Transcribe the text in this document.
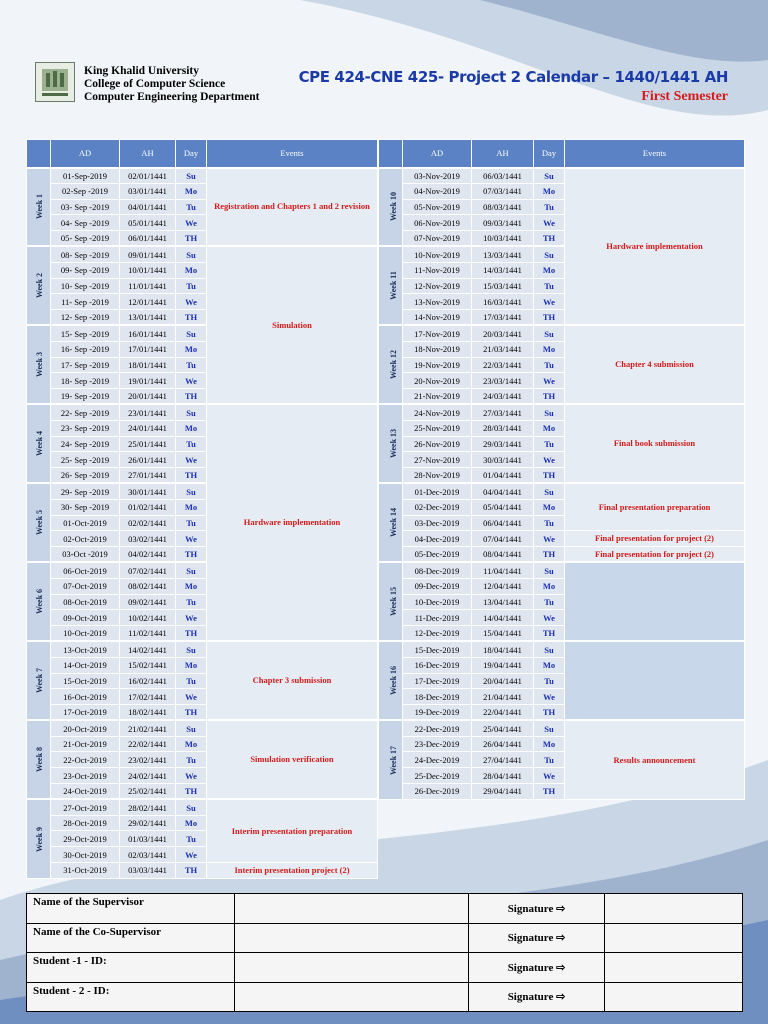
King Khalid University
College of Computer Science
Computer Engineering Department
CPE 424-CNE 425- Project 2 Calendar – 1440/1441 AH
First Semester
	AD	AH	Day	Events
Week 1	01-Sep-2019	02/01/1441	Su	Registration and Chapters 1 and 2 revision
	02-Sep -2019	03/01/1441	Mo	
	03- Sep -2019	04/01/1441	Tu	
	04- Sep -2019	05/01/1441	We	
	05- Sep -2019	06/01/1441	TH	
Week 2	08- Sep -2019	09/01/1441	Su	Simulation
	09- Sep -2019	10/01/1441	Mo	
	10- Sep -2019	11/01/1441	Tu	
	11- Sep -2019	12/01/1441	We	
	12- Sep -2019	13/01/1441	TH	
Week 3	15- Sep -2019	16/01/1441	Su	
	16- Sep -2019	17/01/1441	Mo	
	17- Sep -2019	18/01/1441	Tu	
	18- Sep -2019	19/01/1441	We	
	19- Sep -2019	20/01/1441	TH	
Week 4	22- Sep -2019	23/01/1441	Su	Hardware implementation
	23- Sep -2019	24/01/1441	Mo	
	24- Sep -2019	25/01/1441	Tu	
	25- Sep -2019	26/01/1441	We	
	26- Sep -2019	27/01/1441	TH	
Week 5	29- Sep -2019	30/01/1441	Su	
	30- Sep -2019	01/02/1441	Mo	
	01-Oct-2019	02/02/1441	Tu	
	02-Oct-2019	03/02/1441	We	
	03-Oct -2019	04/02/1441	TH	
Week 6	06-Oct-2019	07/02/1441	Su	
	07-Oct-2019	08/02/1441	Mo	
	08-Oct-2019	09/02/1441	Tu	
	09-Oct-2019	10/02/1441	We	
	10-Oct-2019	11/02/1441	TH	
Week 7	13-Oct-2019	14/02/1441	Su	Chapter 3 submission
	14-Oct-2019	15/02/1441	Mo	
	15-Oct-2019	16/02/1441	Tu	
	16-Oct-2019	17/02/1441	We	
	17-Oct-2019	18/02/1441	TH	
Week 8	20-Oct-2019	21/02/1441	Su	Simulation verification
	21-Oct-2019	22/02/1441	Mo	
	22-Oct-2019	23/02/1441	Tu	
	23-Oct-2019	24/02/1441	We	
	24-Oct-2019	25/02/1441	TH	
Week 9	27-Oct-2019	28/02/1441	Su	Interim presentation preparation
	28-Oct-2019	29/02/1441	Mo	
	29-Oct-2019	01/03/1441	Tu	
	30-Oct-2019	02/03/1441	We	
	31-Oct-2019	03/03/1441	TH	Interim presentation project (2)
	AD	AH	Day	Events
Week 10	03-Nov-2019	06/03/1441	Su	Hardware implementation
	04-Nov-2019	07/03/1441	Mo	
	05-Nov-2019	08/03/1441	Tu	
	06-Nov-2019	09/03/1441	We	
	07-Nov-2019	10/03/1441	TH	
Week 11	10-Nov-2019	13/03/1441	Su	
	11-Nov-2019	14/03/1441	Mo	
	12-Nov-2019	15/03/1441	Tu	
	13-Nov-2019	16/03/1441	We	
	14-Nov-2019	17/03/1441	TH	
Week 12	17-Nov-2019	20/03/1441	Su	Chapter 4 submission
	18-Nov-2019	21/03/1441	Mo	
	19-Nov-2019	22/03/1441	Tu	
	20-Nov-2019	23/03/1441	We	
	21-Nov-2019	24/03/1441	TH	
Week 13	24-Nov-2019	27/03/1441	Su	Final book submission
	25-Nov-2019	28/03/1441	Mo	
	26-Nov-2019	29/03/1441	Tu	
	27-Nov-2019	30/03/1441	We	
	28-Nov-2019	01/04/1441	TH	
Week 14	01-Dec-2019	04/04/1441	Su	Final presentation preparation
	02-Dec-2019	05/04/1441	Mo	
	03-Dec-2019	06/04/1441	Tu	
	04-Dec-2019	07/04/1441	We	Final presentation for project (2)
	05-Dec-2019	08/04/1441	TH	Final presentation for project (2)
Week 15	08-Dec-2019	11/04/1441	Su	
	09-Dec-2019	12/04/1441	Mo	
	10-Dec-2019	13/04/1441	Tu	
	11-Dec-2019	14/04/1441	We	
	12-Dec-2019	15/04/1441	TH	
Week 16	15-Dec-2019	18/04/1441	Su	
	16-Dec-2019	19/04/1441	Mo	
	17-Dec-2019	20/04/1441	Tu	
	18-Dec-2019	21/04/1441	We	
	19-Dec-2019	22/04/1441	TH	
Week 17	22-Dec-2019	25/04/1441	Su	Results announcement
	23-Dec-2019	26/04/1441	Mo	
	24-Dec-2019	27/04/1441	Tu	
	25-Dec-2019	28/04/1441	We	
	26-Dec-2019	29/04/1441	TH	
Name of the Supervisor		Signature ⇨	
Name of the Co-Supervisor		Signature ⇨	
Student -1 - ID:		Signature ⇨	
Student - 2 - ID:		Signature ⇨	
